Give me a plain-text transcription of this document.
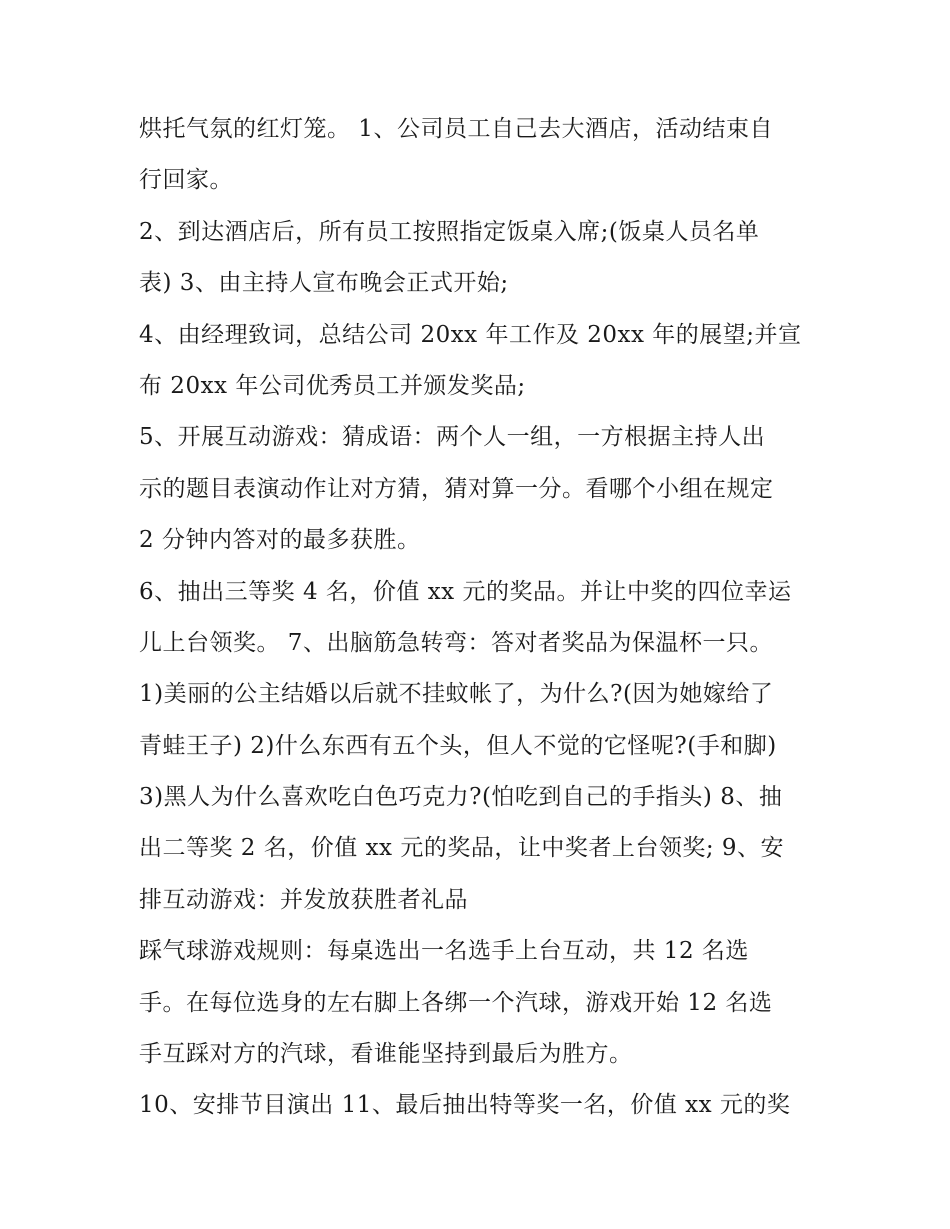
烘托气氛的红灯笼。 1、公司员工自己去大酒店，活动结束自
行回家。
2、到达酒店后，所有员工按照指定饭桌入席;(饭桌人员名单
表) 3、由主持人宣布晚会正式开始;
4、由经理致词，总结公司 20xx 年工作及 20xx 年的展望;并宣
布 20xx 年公司优秀员工并颁发奖品;
5、开展互动游戏：猜成语：两个人一组，一方根据主持人出
示的题目表演动作让对方猜，猜对算一分。看哪个小组在规定
2 分钟内答对的最多获胜。
6、抽出三等奖 4 名，价值 xx 元的奖品。并让中奖的四位幸运
儿上台领奖。 7、出脑筋急转弯：答对者奖品为保温杯一只。
1)美丽的公主结婚以后就不挂蚊帐了，为什么?(因为她嫁给了
青蛙王子) 2)什么东西有五个头，但人不觉的它怪呢?(手和脚)
3)黑人为什么喜欢吃白色巧克力?(怕吃到自己的手指头) 8、抽
出二等奖 2 名，价值 xx 元的奖品，让中奖者上台领奖; 9、安
排互动游戏：并发放获胜者礼品
踩气球游戏规则：每桌选出一名选手上台互动，共 12 名选
手。在每位选身的左右脚上各绑一个汽球，游戏开始 12 名选
手互踩对方的汽球，看谁能坚持到最后为胜方。
10、安排节目演出 11、最后抽出特等奖一名，价值 xx 元的奖
